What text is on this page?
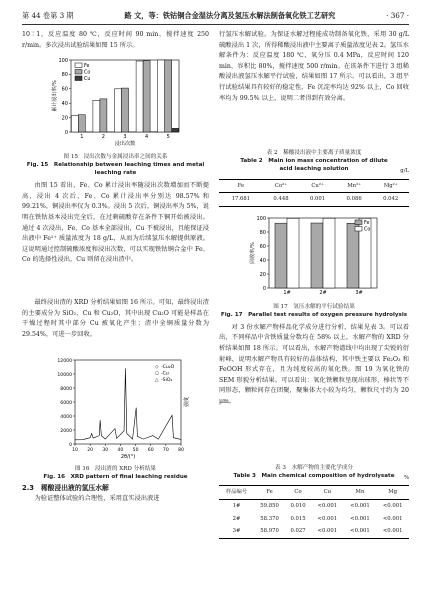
第 44 卷第 3 期	路 文，等：铁钴铜合金湿法分离及氢压水解法制备氧化铁工艺研究	· 367 ·
10∶1，反应温度 80 ℃，反应时间 90 min，搅拌速度 250 r/min。多次浸出试验结果如图 15 所示。
0
20
40
60
80
100
1	2	3	4	5
浸出次数
累计浸出率/%
Fe
Co
Cu
图 15　浸出次数与金属浸出率之间的关系
Fig. 15　Relationship between leaching times and metal leaching rate
由图 15 看出，Fe、Co 累计浸出率随浸出次数增加而不断提高，浸出 4 次后，Fe、Co 累计浸出率分别达 98.57% 和 99.21%，铜浸出率仅为 0.3%。浸出 5 次后，铜浸出率为 5%，说明在铁钴基本浸出完全后，在过剩硫酸存在条件下铜开始被浸出。通过 4 次浸出，Fe、Co 基本全部浸出，Cu 不被浸出，且能保证浸出液中 Fe²⁺ 质量浓度为 18 g/L，从而为后续氢压水解提供原液。这说明通过控制硫酸浓度和浸出次数，可以实现铁钴铜合金中 Fe、Co 的选择性浸出，Cu 则留在浸出渣中。
最终浸出渣的 XRD 分析结果如图 16 所示。可知，最终浸出渣的主要成分为 SiO₂、Cu 和 Cu₂O，其中出现 Cu₂O 可能是样品在干燥过程时其中部分 Cu 被氧化产生；渣中全铜质量分数为 29.54%，可进一步回收。
0
2000
4000
6000
8000
10000
12000
10 20 30 40 50 60 70 80
2θ/(°)
强度
◇ -Cu₂O
○ -Cu
△ -SiO₂
图 16　浸出渣的 XRD 分析结果
Fig. 16　XRD pattern of final leaching residue
2.3　稀酸浸出液的氢压水解
为验证整体试验的合理性，采用直实浸出液进
行氢压水解试验。为保证水解过程能成功制备氧化铁，采用 30 g/L 硫酸浸出 1 次，所得稀酸浸出液中主要离子质量浓度见表 2。氢压水解条件为：反应温度 180 ℃，氧分压 0.4 MPa，反应时间 120 min，容积比 80%，搅拌速度 500 r/min。在该条件下进行 3 组稀酸浸出液氢压水解平行试验，结果如图 17 所示。可以看出，3 组平行试验结果具有较好的稳定性，Fe 沉淀率均达 92% 以上，Co 回收率均为 99.5% 以上，说明二者得到有效分离。
表 2　稀酸浸出液中主要离子质量浓度
Table 2　Main ion mass concentration of dilute
acid leaching solution	g/L
Fe	Co²⁺	Cu²⁺	Mn²⁺	Mg²⁺
17.681	0.448	0.001	0.086	0.042
0
20
40
60
80
100
1#	2#	3#
回收率/%
Fe
Co
图 17　氢压水解的平行试验结果
Fig. 17　Parallel test results of oxygen pressure hydrolysis
对 3 份水解产物样品化学成分进行分析，结果见表 3。可以看出，不同样品中含铁质量分数均在 58% 以上，水解产物的 XRD 分析结果如图 18 所示。可以看出，水解产物谱线中均出现了尖锐的衍射峰，说明水解产物具有较好的晶体结构，其中铁主要以 Fe₂O₃ 和 FeOOH 形式存在，且为纯度较高的氧化铁。图 19 为氧化铁的 SEM 形貌分析结果。可以看出：氧化铁颗粒呈现出球形、棒状等不同形态，颗粒间存在团聚，聚集体大小较为均匀，颗粒尺寸约为 20 μm。
表 3　水解产物的主要化学成分
Table 3　Main chemical composition of hydrolysate	%
样品编号	Fe	Co	Cu	Mn	Mg
1#	59.850	0.010	<0.001	<0.001	<0.001
2#	58.370	0.015	<0.001	<0.001	<0.001
3#	58.970	0.027	<0.001	<0.001	<0.001
